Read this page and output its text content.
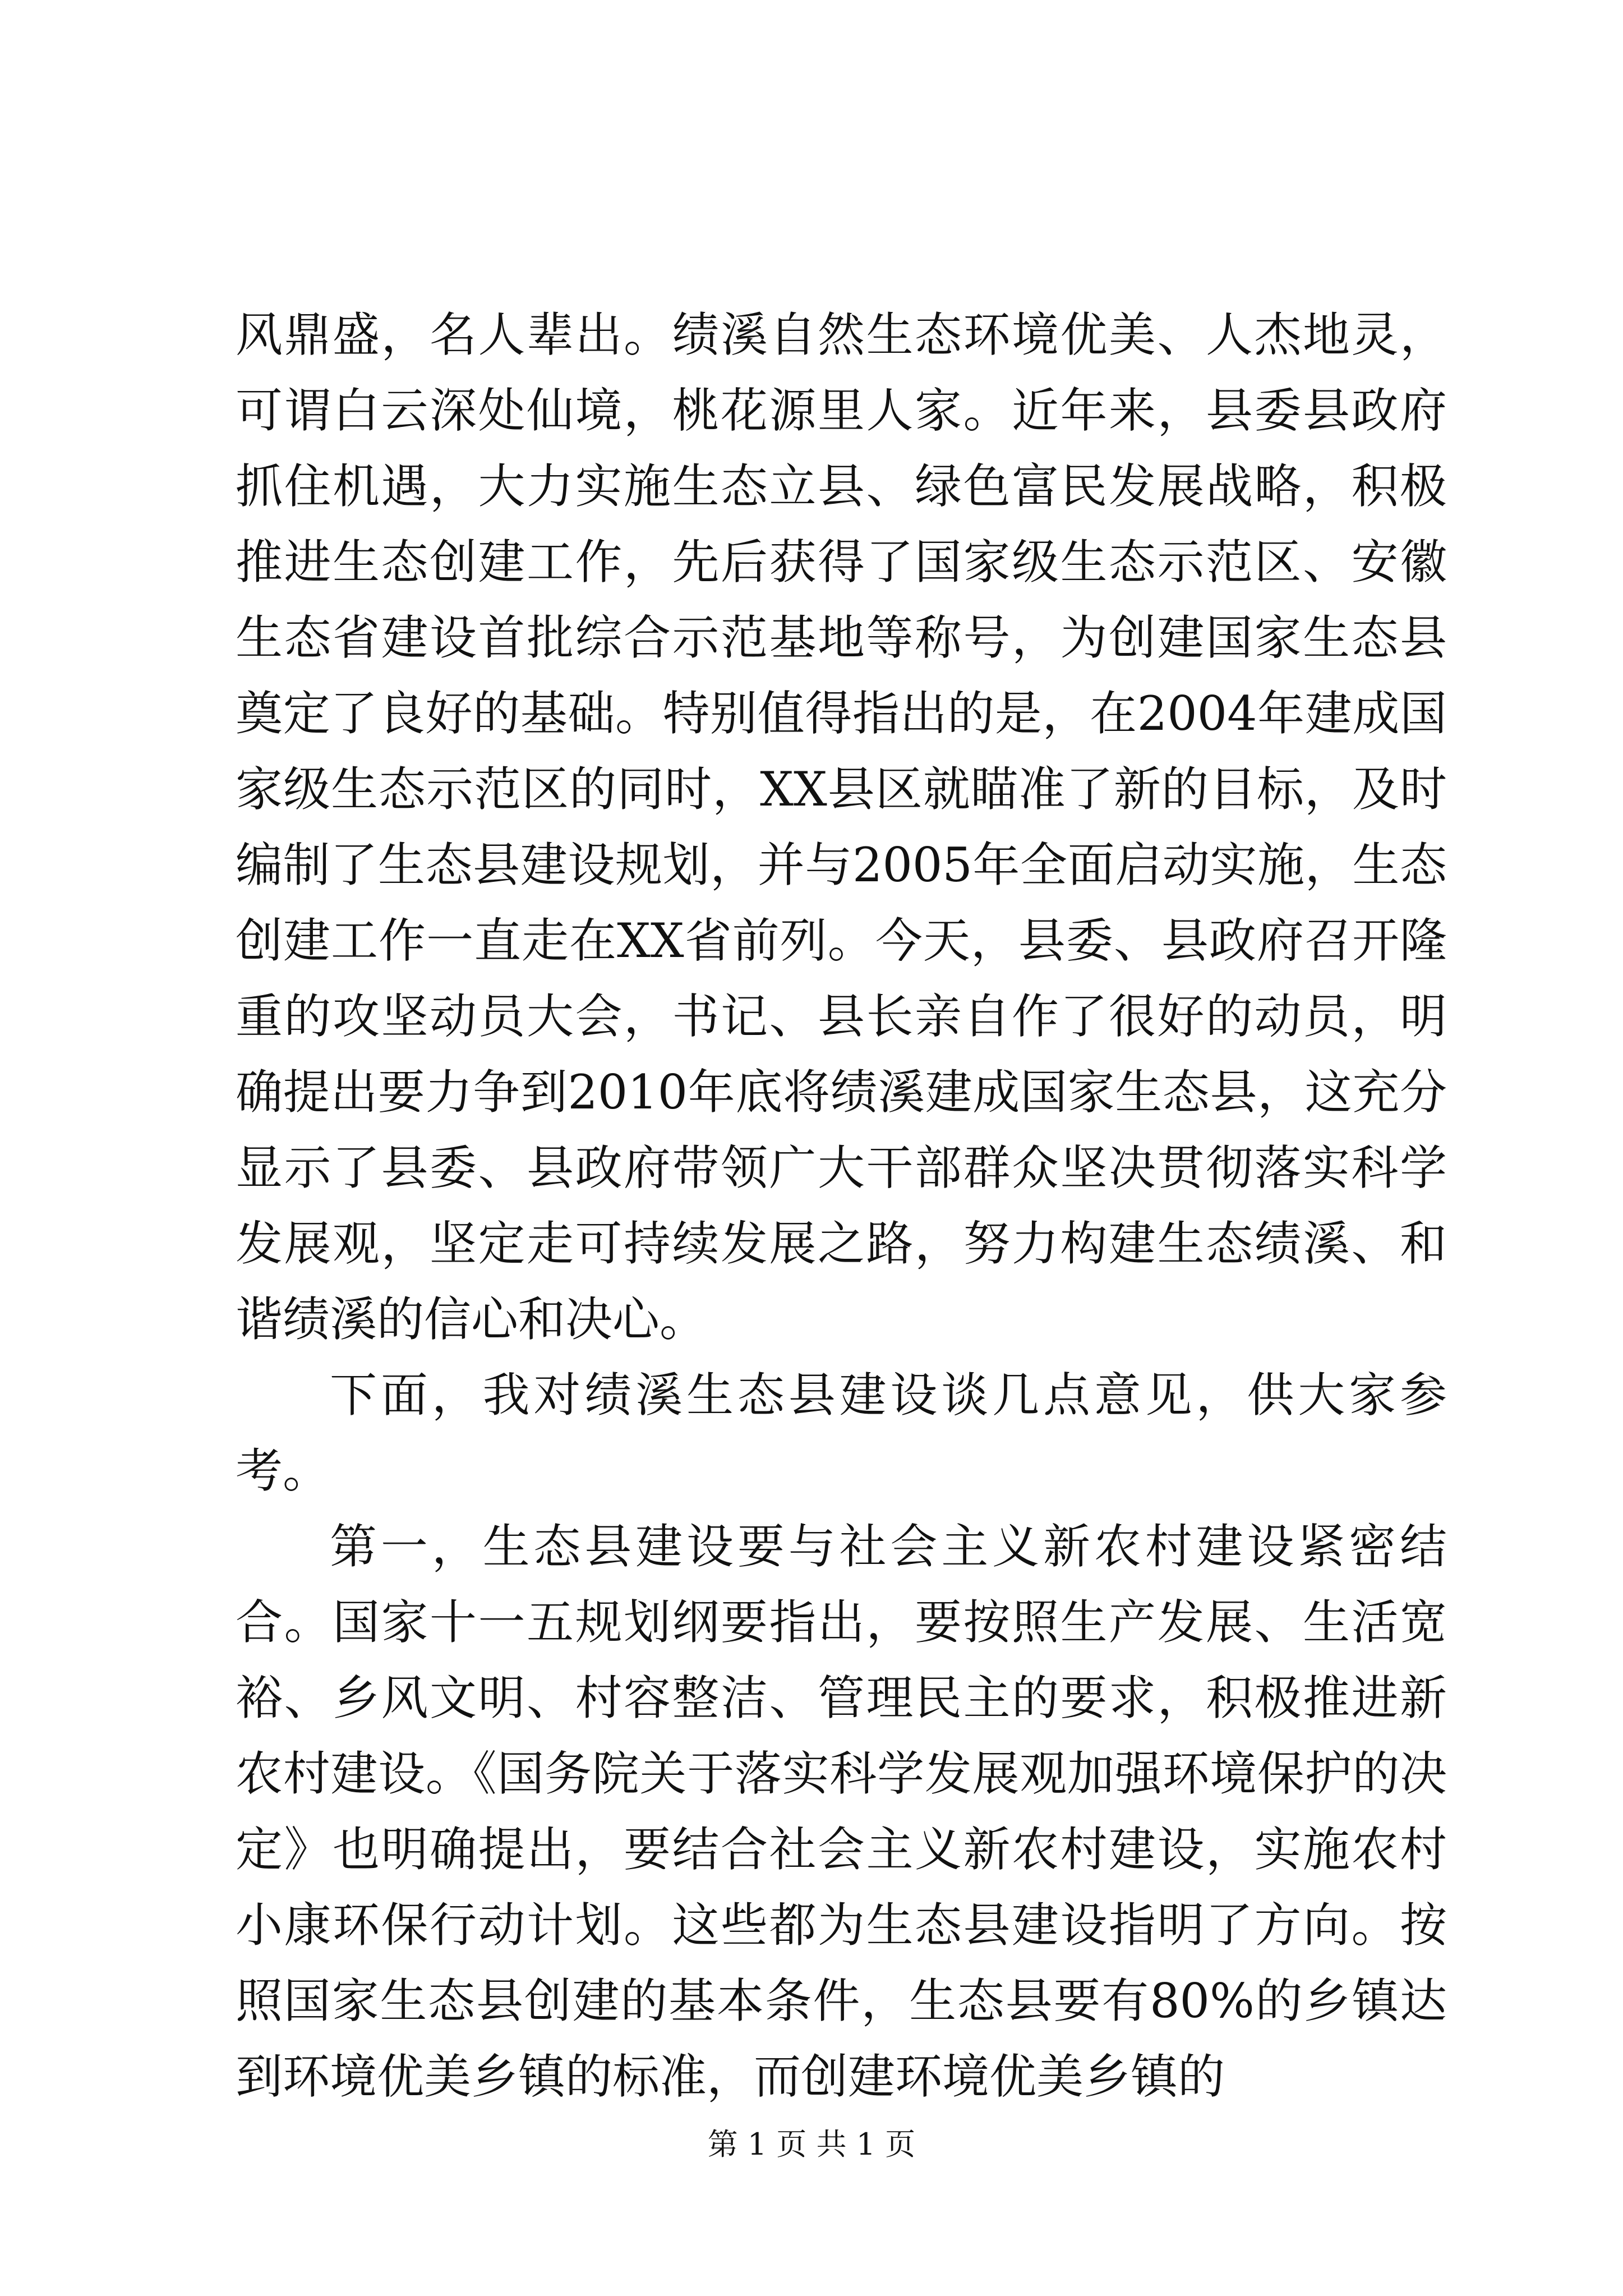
风鼎盛，名人辈出。绩溪自然生态环境优美、人杰地灵，可谓白云深处仙境，桃花源里人家。近年来，县委县政府抓住机遇，大力实施生态立县、绿色富民发展战略，积极推进生态创建工作，先后获得了国家级生态示范区、安徽生态省建设首批综合示范基地等称号，为创建国家生态县奠定了良好的基础。特别值得指出的是，在2004年建成国家级生态示范区的同时，XX县区就瞄准了新的目标，及时编制了生态县建设规划，并与2005年全面启动实施，生态创建工作一直走在XX省前列。今天，县委、县政府召开隆重的攻坚动员大会，书记、县长亲自作了很好的动员，明确提出要力争到2010年底将绩溪建成国家生态县，这充分显示了县委、县政府带领广大干部群众坚决贯彻落实科学发展观，坚定走可持续发展之路，努力构建生态绩溪、和谐绩溪的信心和决心。

下面，我对绩溪生态县建设谈几点意见，供大家参考。

第一，生态县建设要与社会主义新农村建设紧密结合。国家十一五规划纲要指出，要按照生产发展、生活宽裕、乡风文明、村容整洁、管理民主的要求，积极推进新农村建设。《国务院关于落实科学发展观加强环境保护的决定》也明确提出，要结合社会主义新农村建设，实施农村小康环保行动计划。这些都为生态县建设指明了方向。按照国家生态县创建的基本条件，生态县要有80%的乡镇达到环境优美乡镇的标准，而创建环境优美乡镇的

第 1 页 共 1 页
